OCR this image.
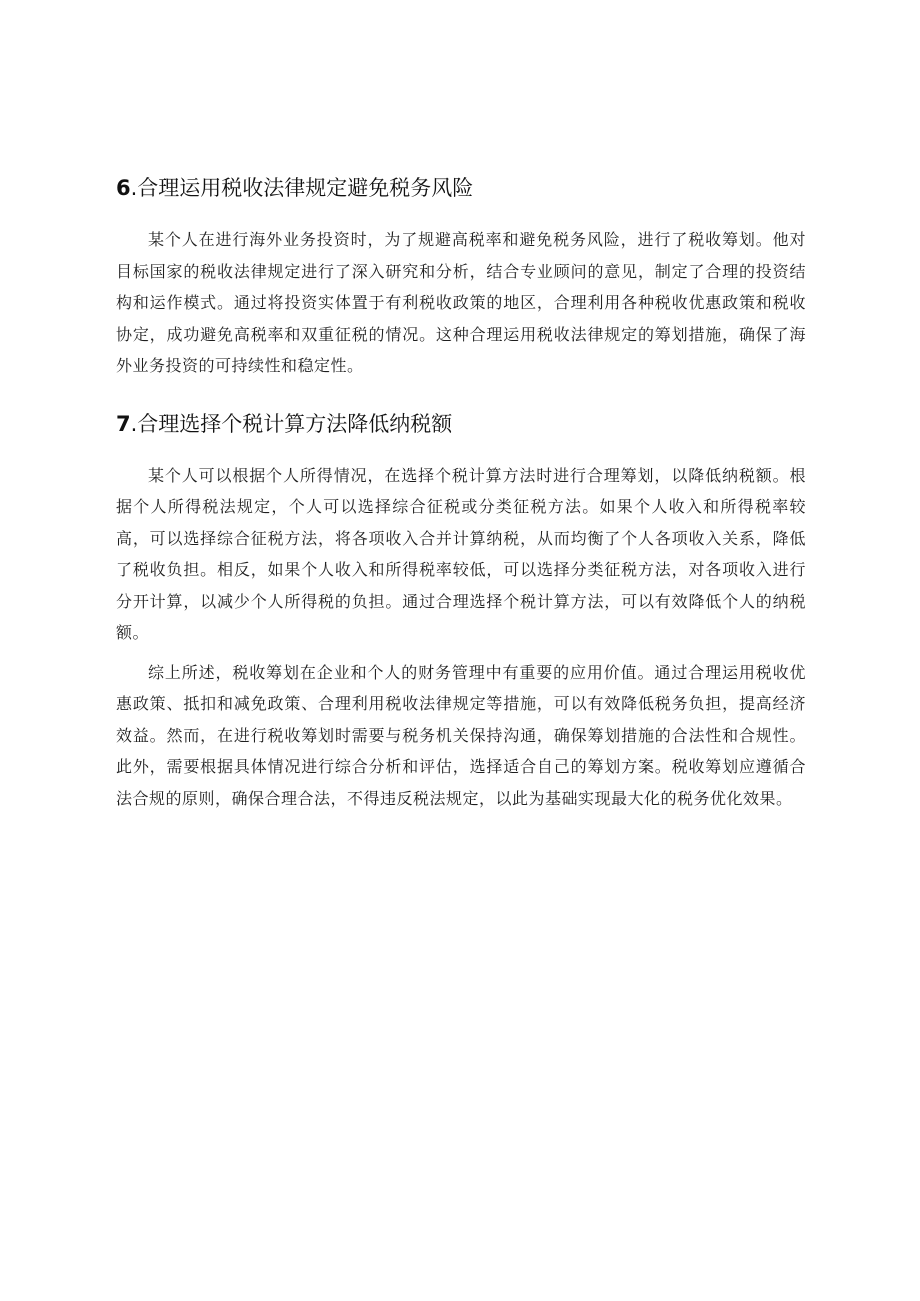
6.合理运用税收法律规定避免税务风险

某个人在进行海外业务投资时，为了规避高税率和避免税务风险，进行了税收筹划。他对目标国家的税收法律规定进行了深入研究和分析，结合专业顾问的意见，制定了合理的投资结构和运作模式。通过将投资实体置于有利税收政策的地区，合理利用各种税收优惠政策和税收协定，成功避免高税率和双重征税的情况。这种合理运用税收法律规定的筹划措施，确保了海外业务投资的可持续性和稳定性。

7.合理选择个税计算方法降低纳税额

某个人可以根据个人所得情况，在选择个税计算方法时进行合理筹划，以降低纳税额。根据个人所得税法规定，个人可以选择综合征税或分类征税方法。如果个人收入和所得税率较高，可以选择综合征税方法，将各项收入合并计算纳税，从而均衡了个人各项收入关系，降低了税收负担。相反，如果个人收入和所得税率较低，可以选择分类征税方法，对各项收入进行分开计算，以减少个人所得税的负担。通过合理选择个税计算方法，可以有效降低个人的纳税额。

综上所述，税收筹划在企业和个人的财务管理中有重要的应用价值。通过合理运用税收优惠政策、抵扣和减免政策、合理利用税收法律规定等措施，可以有效降低税务负担，提高经济效益。然而，在进行税收筹划时需要与税务机关保持沟通，确保筹划措施的合法性和合规性。此外，需要根据具体情况进行综合分析和评估，选择适合自己的筹划方案。税收筹划应遵循合法合规的原则，确保合理合法，不得违反税法规定，以此为基础实现最大化的税务优化效果。
